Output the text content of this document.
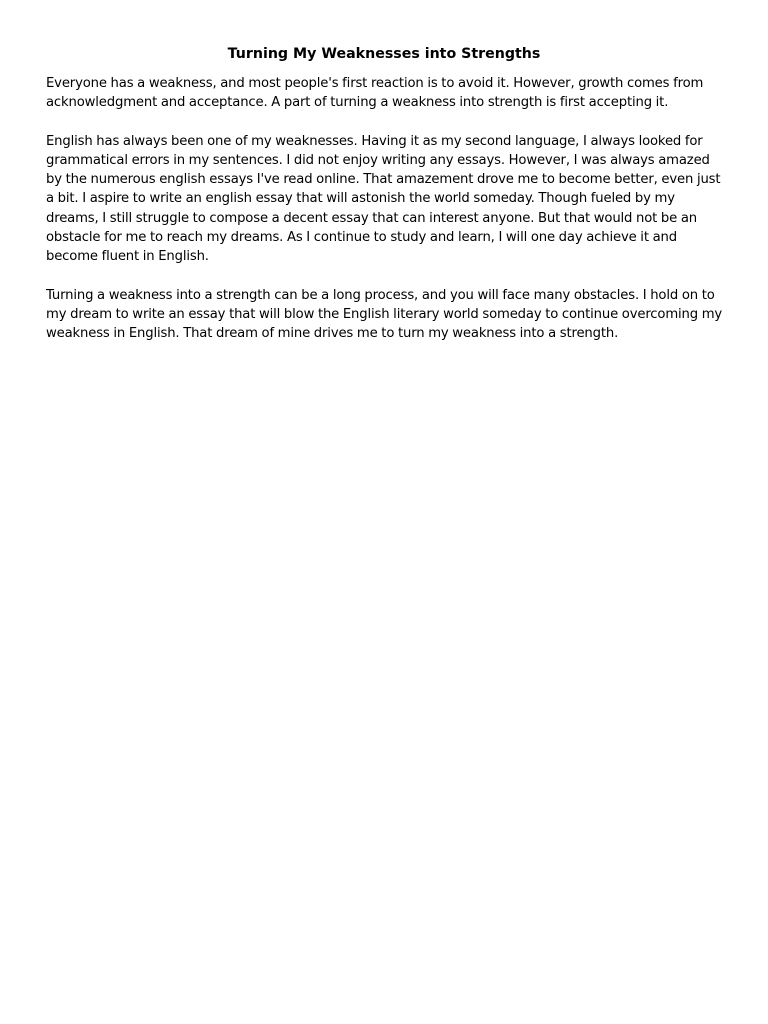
Turning My Weaknesses into Strengths

Everyone has a weakness, and most people's first reaction is to avoid it. However, growth comes from acknowledgment and acceptance. A part of turning a weakness into strength is first accepting it.

English has always been one of my weaknesses. Having it as my second language, I always looked for grammatical errors in my sentences. I did not enjoy writing any essays. However, I was always amazed by the numerous english essays I've read online. That amazement drove me to become better, even just a bit. I aspire to write an english essay that will astonish the world someday. Though fueled by my dreams, I still struggle to compose a decent essay that can interest anyone. But that would not be an obstacle for me to reach my dreams. As I continue to study and learn, I will one day achieve it and become fluent in English.

Turning a weakness into a strength can be a long process, and you will face many obstacles. I hold on to my dream to write an essay that will blow the English literary world someday to continue overcoming my weakness in English. That dream of mine drives me to turn my weakness into a strength.
